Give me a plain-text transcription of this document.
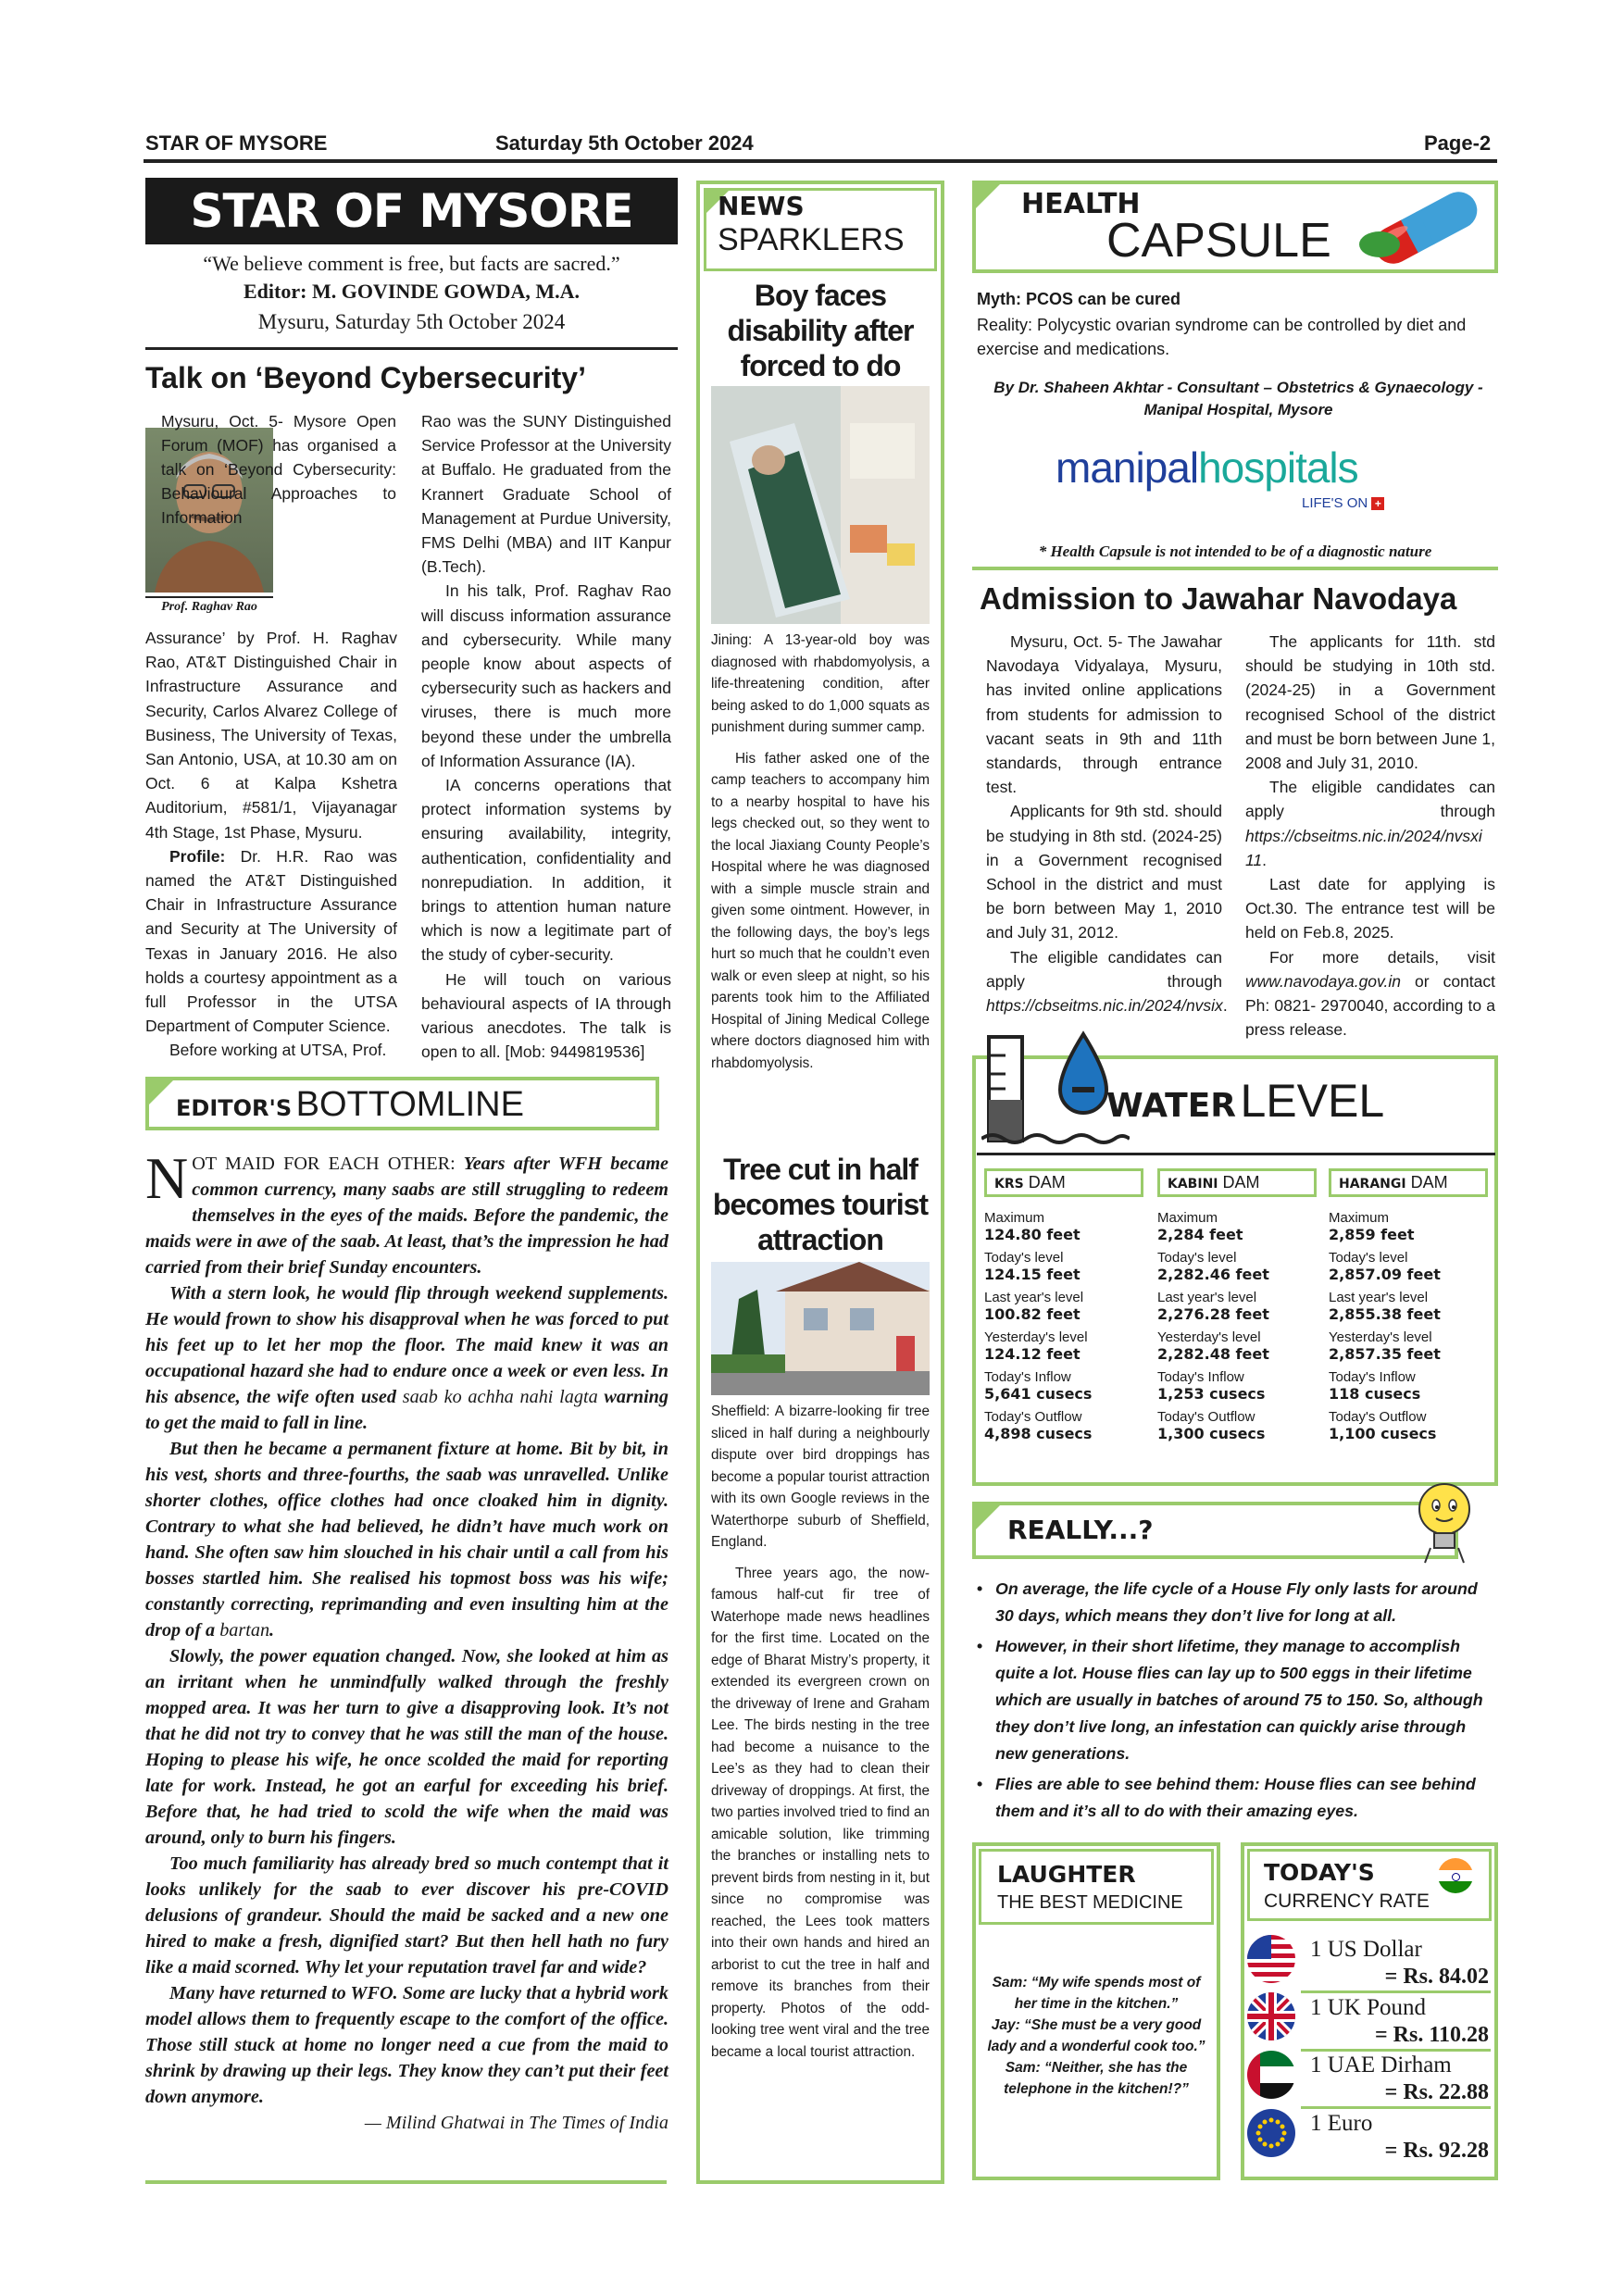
STAR OF MYSORE	Saturday 5th October 2024	Page-2
STAR OF MYSORE
“We believe comment is free, but facts are sacred.”
Editor: M. GOVINDE GOWDA, M.A.
Mysuru, Saturday 5th October 2024
Talk on ‘Beyond Cybersecurity’
Prof. Raghav Rao
Mysuru, Oct. 5- Mysore Open Forum (MOF) has organised a talk on ‘Beyond Cybersecurity: Behavioural Approaches to Information

Assurance’ by Prof. H. Raghav Rao, AT&T Distinguished Chair in Infrastructure Assurance and Security, Carlos Alvarez College of Business, The University of Texas, San Antonio, USA, at 10.30 am on Oct. 6 at Kalpa Kshetra Auditorium, #581/1, Vijayanagar 4th Stage, 1st Phase, Mysuru.

Profile: Dr. H.R. Rao was named the AT&T Distinguished Chair in Infrastructure Assurance and Security at The University of Texas in January 2016. He also holds a courtesy appointment as a full Professor in the UTSA Department of Computer Science.

Before working at UTSA, Prof.

Rao was the SUNY Distinguished Service Professor at the University at Buffalo. He graduated from the Krannert Graduate School of Management at Purdue University, FMS Delhi (MBA) and IIT Kanpur (B.Tech).

In his talk, Prof. Raghav Rao will discuss information assurance and cybersecurity. While many people know about aspects of cybersecurity such as hackers and viruses, there is much more beyond these under the umbrella of Information Assurance (IA).

IA concerns operations that protect information systems by ensuring availability, integrity, authentication, confidentiality and nonrepudiation. In addition, it brings to attention human nature which is now a legitimate part of the study of cyber-security.

He will touch on various behavioural aspects of IA through various anecdotes. The talk is open to all. [Mob: 9449819536]

EDITOR'S BOTTOMLINE

NOT MAID FOR EACH OTHER: Years after WFH became common currency, many saabs are still struggling to redeem themselves in the eyes of the maids. Before the pandemic, the maids were in awe of the saab. At least, that’s the impression he had carried from their brief Sunday encounters.

With a stern look, he would flip through weekend supplements. He would frown to show his disapproval when he was forced to put his feet up to let her mop the floor. The maid knew it was an occupational hazard she had to endure once a week or even less. In his absence, the wife often used saab ko achha nahi lagta warning to get the maid to fall in line.

But then he became a permanent fixture at home. Bit by bit, in his vest, shorts and three-fourths, the saab was unravelled. Unlike shorter clothes, office clothes had once cloaked him in dignity. Contrary to what she had believed, he didn’t have much work on hand. She often saw him slouched in his chair until a call from his bosses startled him. She realised his topmost boss was his wife; constantly correcting, reprimanding and even insulting him at the drop of a bartan.

Slowly, the power equation changed. Now, she looked at him as an irritant when he unmindfully walked through the freshly mopped area. It was her turn to give a disapproving look. It’s not that he did not try to convey that he was still the man of the house. Hoping to please his wife, he once scolded the maid for reporting late for work. Instead, he got an earful for exceeding his brief. Before that, he had tried to scold the wife when the maid was around, only to burn his fingers.

Too much familiarity has already bred so much contempt that it looks unlikely for the saab to ever discover his pre-COVID delusions of grandeur. Should the maid be sacked and a new one hired to make a fresh, dignified start? But then hell hath no fury like a maid scorned. Why let your reputation travel far and wide?

Many have returned to WFO. Some are lucky that a hybrid work model allows them to frequently escape to the comfort of the office. Those still stuck at home no longer need a cue from the maid to shrink by drawing up their legs. They know they can’t put their feet down anymore.

— Milind Ghatwai in The Times of India

NEWS
SPARKLERS
Boy faces disability after forced to do

Jining: A 13-year-old boy was diagnosed with rhabdomyolysis, a life-threatening condition, after being asked to do 1,000 squats as punishment during summer camp.

His father asked one of the camp teachers to accompany him to a nearby hospital to have his legs checked out, so they went to the local Jiaxiang County People’s Hospital where he was diagnosed with a simple muscle strain and given some ointment. However, in the following days, the boy’s legs hurt so much that he couldn’t even walk or even sleep at night, so his parents took him to the Affiliated Hospital of Jining Medical College where doctors diagnosed him with rhabdomyolysis.

Tree cut in half becomes tourist attraction

Sheffield: A bizarre-looking fir tree sliced in half during a neighbourly dispute over bird droppings has become a popular tourist attraction with its own Google reviews in the Waterthorpe suburb of Sheffield, England.

Three years ago, the now-famous half-cut fir tree of Waterhope made news headlines for the first time. Located on the edge of Bharat Mistry’s property, it extended its evergreen crown on the driveway of Irene and Graham Lee. The birds nesting in the tree had become a nuisance to the Lee’s as they had to clean their driveway of droppings. At first, the two parties involved tried to find an amicable solution, like trimming the branches or installing nets to prevent birds from nesting in it, but since no compromise was reached, the Lees took matters into their own hands and hired an arborist to cut the tree in half and remove its branches from their property. Photos of the odd-looking tree went viral and the tree became a local tourist attraction.

HEALTH
CAPSULE
Myth: PCOS can be cured
Reality: Polycystic ovarian syndrome can be controlled by diet and exercise and medications.
By Dr. Shaheen Akhtar - Consultant – Obstetrics & Gynaecology - Manipal Hospital, Mysore
manipalhospitals
LIFE'S ON +
* Health Capsule is not intended to be of a diagnostic nature
Admission to Jawahar Navodaya

Mysuru, Oct. 5- The Jawahar Navodaya Vidyalaya, Mysuru, has invited online applications from students for admission to vacant seats in 9th and 11th standards, through entrance test.

Applicants for 9th std. should be studying in 8th std. (2024-25) in a Government recognised School in the district and must be born between May 1, 2010 and July 31, 2012.

The eligible candidates can apply through https://cbseitms.nic.in/2024/nvsix.

The applicants for 11th. std should be studying in 10th std. (2024-25) in a Government recognised School of the district and must be born between June 1, 2008 and July 31, 2010.

The eligible candidates can apply through https://cbseitms.nic.in/2024/nvsxi 11.

Last date for applying is Oct.30. The entrance test will be held on Feb.8, 2025.

For more details, visit www.navodaya.gov.in or contact Ph: 0821- 2970040, according to a press release.

WATER LEVEL
KRS DAM
Maximum
124.80 feet
Today's level
124.15 feet
Last year's level
100.82 feet
Yesterday's level
124.12 feet
Today's Inflow
5,641 cusecs
Today's Outflow
4,898 cusecs
KABINI DAM
Maximum
2,284 feet
Today's level
2,282.46 feet
Last year's level
2,276.28 feet
Yesterday's level
2,282.48 feet
Today's Inflow
1,253 cusecs
Today's Outflow
1,300 cusecs
HARANGI DAM
Maximum
2,859 feet
Today's level
2,857.09 feet
Last year's level
2,855.38 feet
Yesterday's level
2,857.35 feet
Today's Inflow
118 cusecs
Today's Outflow
1,100 cusecs
REALLY...?
• On average, the life cycle of a House Fly only lasts for around 30 days, which means they don’t live for long at all.
• However, in their short lifetime, they manage to accomplish quite a lot. House flies can lay up to 500 eggs in their lifetime which are usually in batches of around 75 to 150. So, although they don’t live long, an infestation can quickly arise through new generations.
• Flies are able to see behind them: House flies can see behind them and it’s all to do with their amazing eyes.
LAUGHTER
THE BEST MEDICINE

Sam: “My wife spends most of her time in the kitchen.”

Jay: “She must be a very good lady and a wonderful cook too.”

Sam: “Neither, she has the telephone in the kitchen!?”

TODAY'S
CURRENCY RATE
1 US Dollar
= Rs. 84.02
1 UK Pound
= Rs. 110.28
1 UAE Dirham
= Rs. 22.88
1 Euro
= Rs. 92.28
